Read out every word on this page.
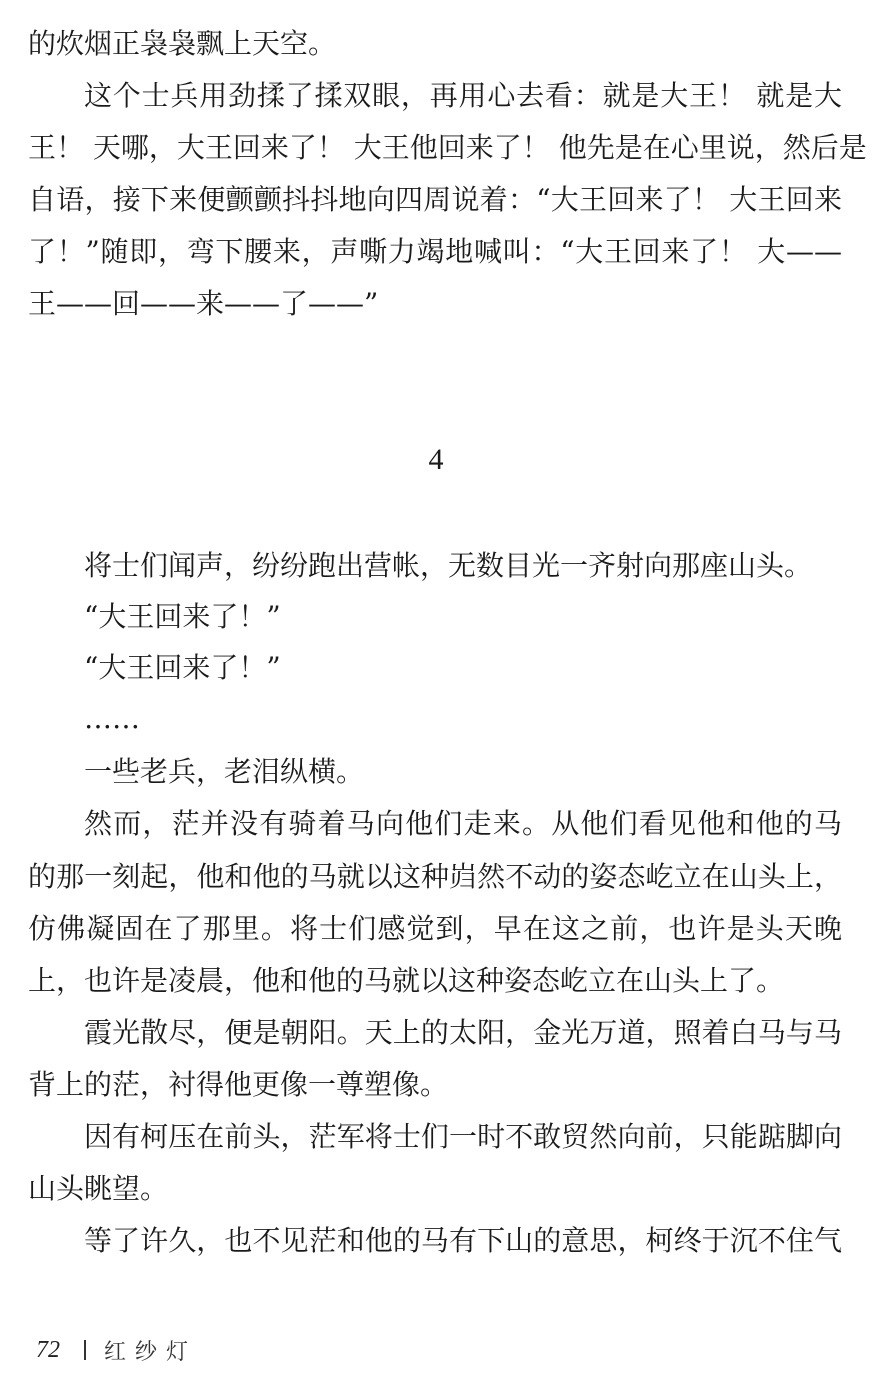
的炊烟正袅袅飘上天空。
这个士兵用劲揉了揉双眼，再用心去看：就是大王！ 就是大
王！ 天哪，大王回来了！ 大王他回来了！ 他先是在心里说，然后是
自语，接下来便颤颤抖抖地向四周说着：“大王回来了！ 大王回来
了！”随即，弯下腰来，声嘶力竭地喊叫：“大王回来了！ 大——
王——回——来——了——”
4
将士们闻声，纷纷跑出营帐，无数目光一齐射向那座山头。
“大王回来了！”
“大王回来了！”
……
一些老兵，老泪纵横。
然而，茫并没有骑着马向他们走来。从他们看见他和他的马
的那一刻起，他和他的马就以这种岿然不动的姿态屹立在山头上，
仿佛凝固在了那里。将士们感觉到，早在这之前，也许是头天晚
上，也许是凌晨，他和他的马就以这种姿态屹立在山头上了。
霞光散尽，便是朝阳。天上的太阳，金光万道，照着白马与马
背上的茫，衬得他更像一尊塑像。
因有柯压在前头，茫军将士们一时不敢贸然向前，只能踮脚向
山头眺望。
等了许久，也不见茫和他的马有下山的意思，柯终于沉不住气
72 红纱灯
